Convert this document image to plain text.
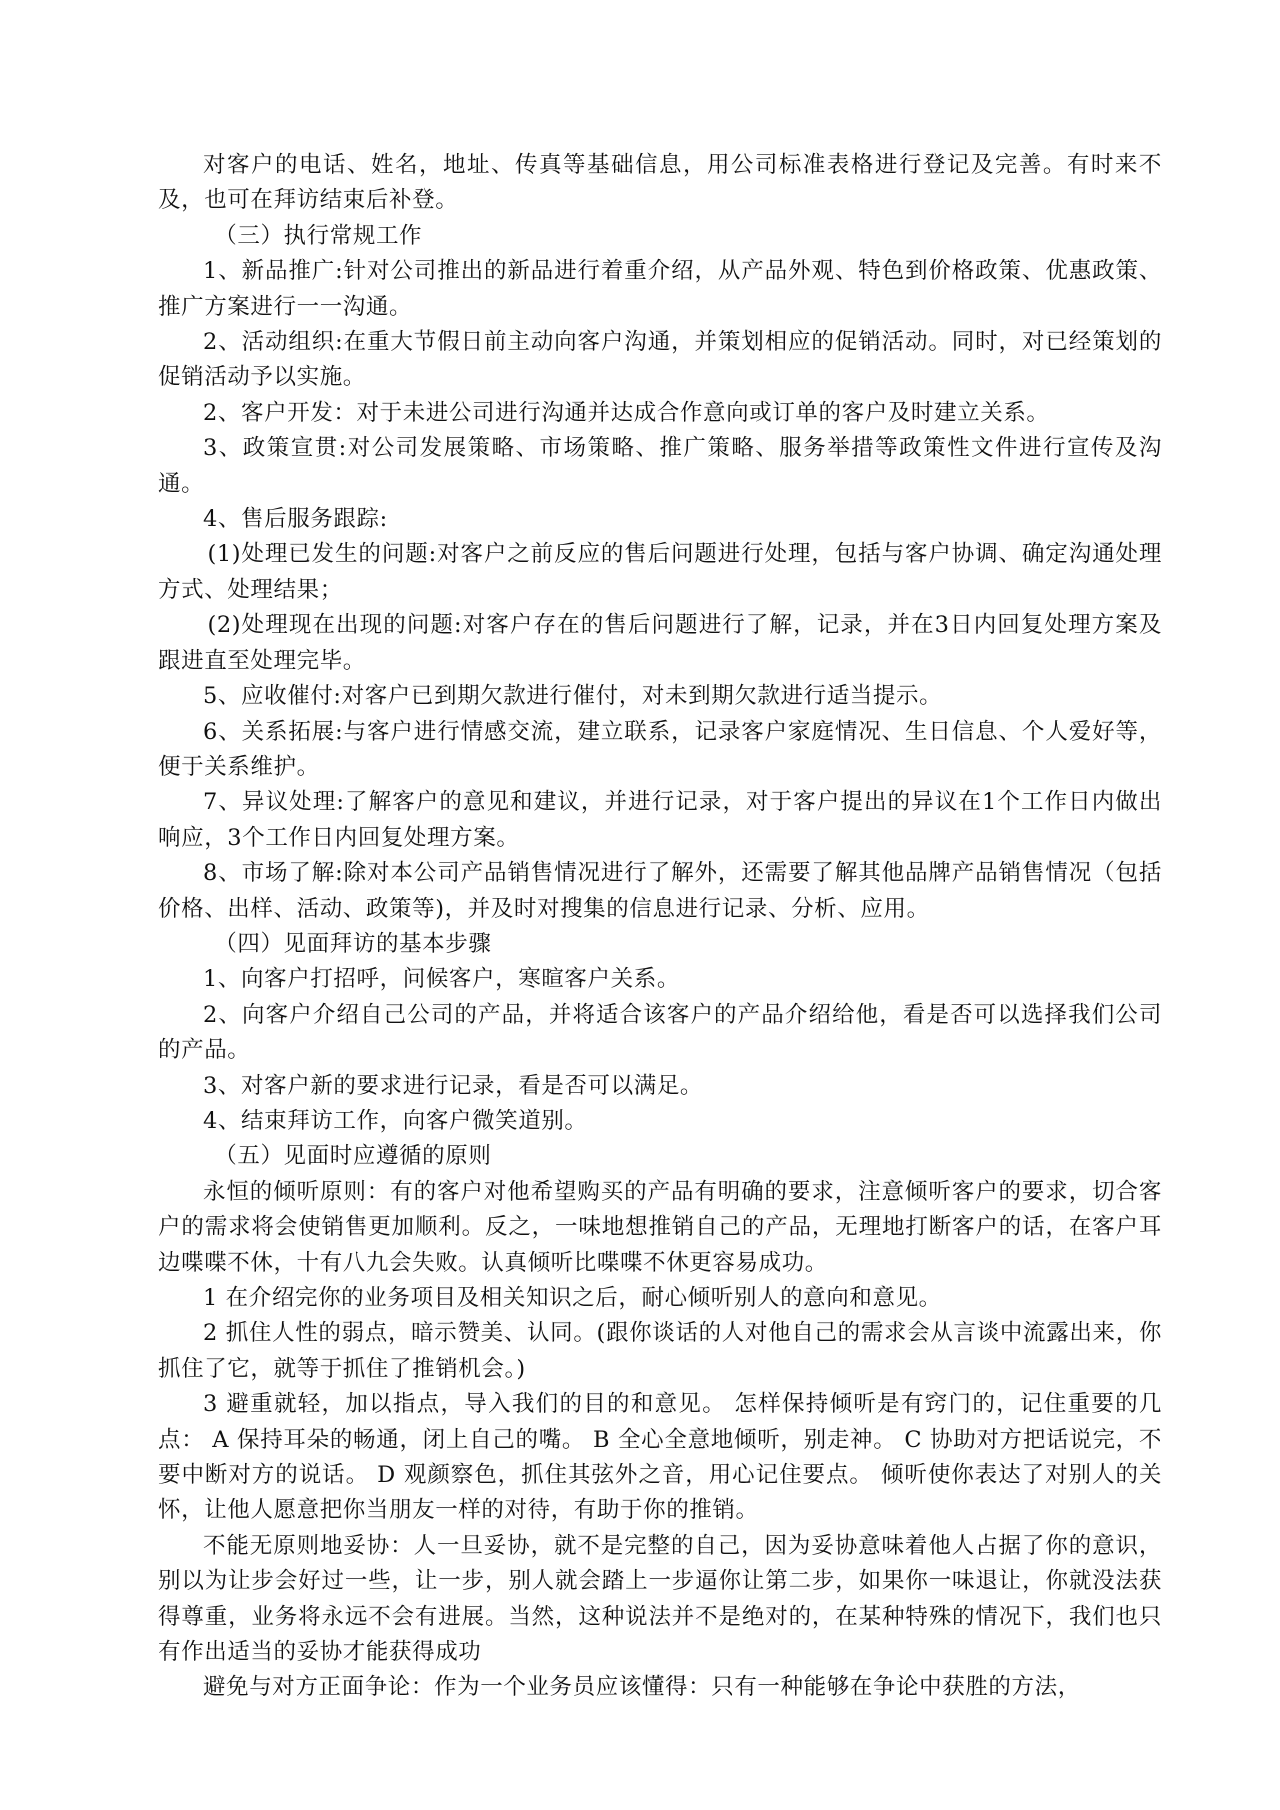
对客户的电话、姓名，地址、传真等基础信息，用公司标准表格进行登记及完善。有时来不及，也可在拜访结束后补登。

（三）执行常规工作

1、新品推广:针对公司推出的新品进行着重介绍，从产品外观、特色到价格政策、优惠政策、推广方案进行一一沟通。

2、活动组织:在重大节假日前主动向客户沟通，并策划相应的促销活动。同时，对已经策划的促销活动予以实施。

2、客户开发：对于未进公司进行沟通并达成合作意向或订单的客户及时建立关系。

3、政策宣贯:对公司发展策略、市场策略、推广策略、服务举措等政策性文件进行宣传及沟通。

4、售后服务跟踪:

(1)处理已发生的问题:对客户之前反应的售后问题进行处理，包括与客户协调、确定沟通处理方式、处理结果；

(2)处理现在出现的问题:对客户存在的售后问题进行了解，记录，并在3日内回复处理方案及跟进直至处理完毕。

5、应收催付:对客户已到期欠款进行催付，对未到期欠款进行适当提示。

6、关系拓展:与客户进行情感交流，建立联系，记录客户家庭情况、生日信息、个人爱好等，便于关系维护。

7、异议处理:了解客户的意见和建议，并进行记录，对于客户提出的异议在1个工作日内做出响应，3个工作日内回复处理方案。

8、市场了解:除对本公司产品销售情况进行了解外，还需要了解其他品牌产品销售情况（包括价格、出样、活动、政策等)，并及时对搜集的信息进行记录、分析、应用。

（四）见面拜访的基本步骤

1、向客户打招呼，问候客户，寒暄客户关系。

2、向客户介绍自己公司的产品，并将适合该客户的产品介绍给他，看是否可以选择我们公司的产品。

3、对客户新的要求进行记录，看是否可以满足。

4、结束拜访工作，向客户微笑道别。

（五）见面时应遵循的原则

永恒的倾听原则：有的客户对他希望购买的产品有明确的要求，注意倾听客户的要求，切合客户的需求将会使销售更加顺利。反之，一味地想推销自己的产品，无理地打断客户的话，在客户耳边喋喋不休，十有八九会失败。认真倾听比喋喋不休更容易成功。

1 在介绍完你的业务项目及相关知识之后，耐心倾听别人的意向和意见。

2 抓住人性的弱点，暗示赞美、认同。(跟你谈话的人对他自己的需求会从言谈中流露出来，你抓住了它，就等于抓住了推销机会。)

3 避重就轻，加以指点，导入我们的目的和意见。 怎样保持倾听是有窍门的，记住重要的几点： A 保持耳朵的畅通，闭上自己的嘴。 B 全心全意地倾听，别走神。 C 协助对方把话说完，不要中断对方的说话。 D 观颜察色，抓住其弦外之音，用心记住要点。 倾听使你表达了对别人的关怀，让他人愿意把你当朋友一样的对待，有助于你的推销。

不能无原则地妥协：人一旦妥协，就不是完整的自己，因为妥协意味着他人占据了你的意识，别以为让步会好过一些，让一步，别人就会踏上一步逼你让第二步，如果你一味退让，你就没法获得尊重，业务将永远不会有进展。当然，这种说法并不是绝对的，在某种特殊的情况下，我们也只有作出适当的妥协才能获得成功

避免与对方正面争论：作为一个业务员应该懂得：只有一种能够在争论中获胜的方法，
